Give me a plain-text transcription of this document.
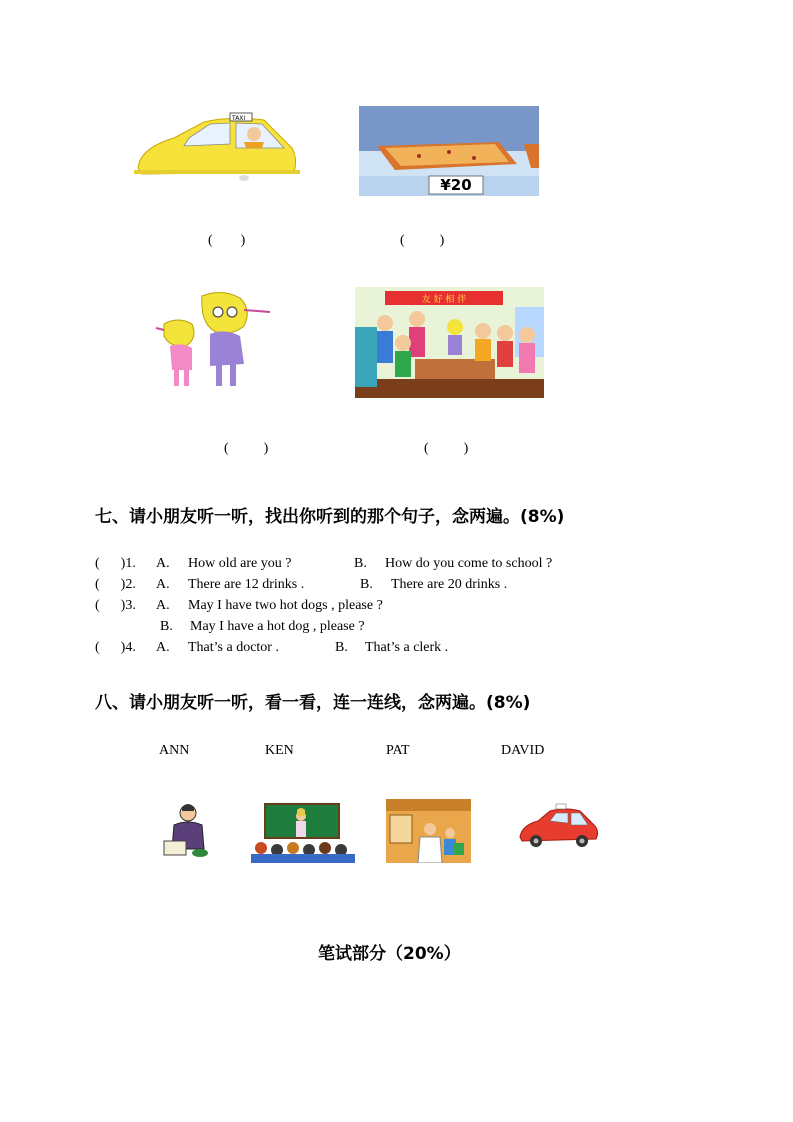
TAXI
¥20
(        )	(          )
友 好 相 伴
(          )	(          )
七、请小朋友听一听，找出你听到的那个句子，念两遍。(8%)
(      )1. A. How old are you ?	B. How do you come to school ?
(      )2. A. There are 12 drinks .	B. There are 20 drinks .
(      )3. A. May I have two hot dogs , please ?
B. May I have a hot dog , please ?
(      )4. A. That’s a doctor .	B. That’s a clerk .
八、请小朋友听一听，看一看，连一连线，念两遍。(8%)
ANN	KEN	PAT	DAVID
笔试部分（20%）
